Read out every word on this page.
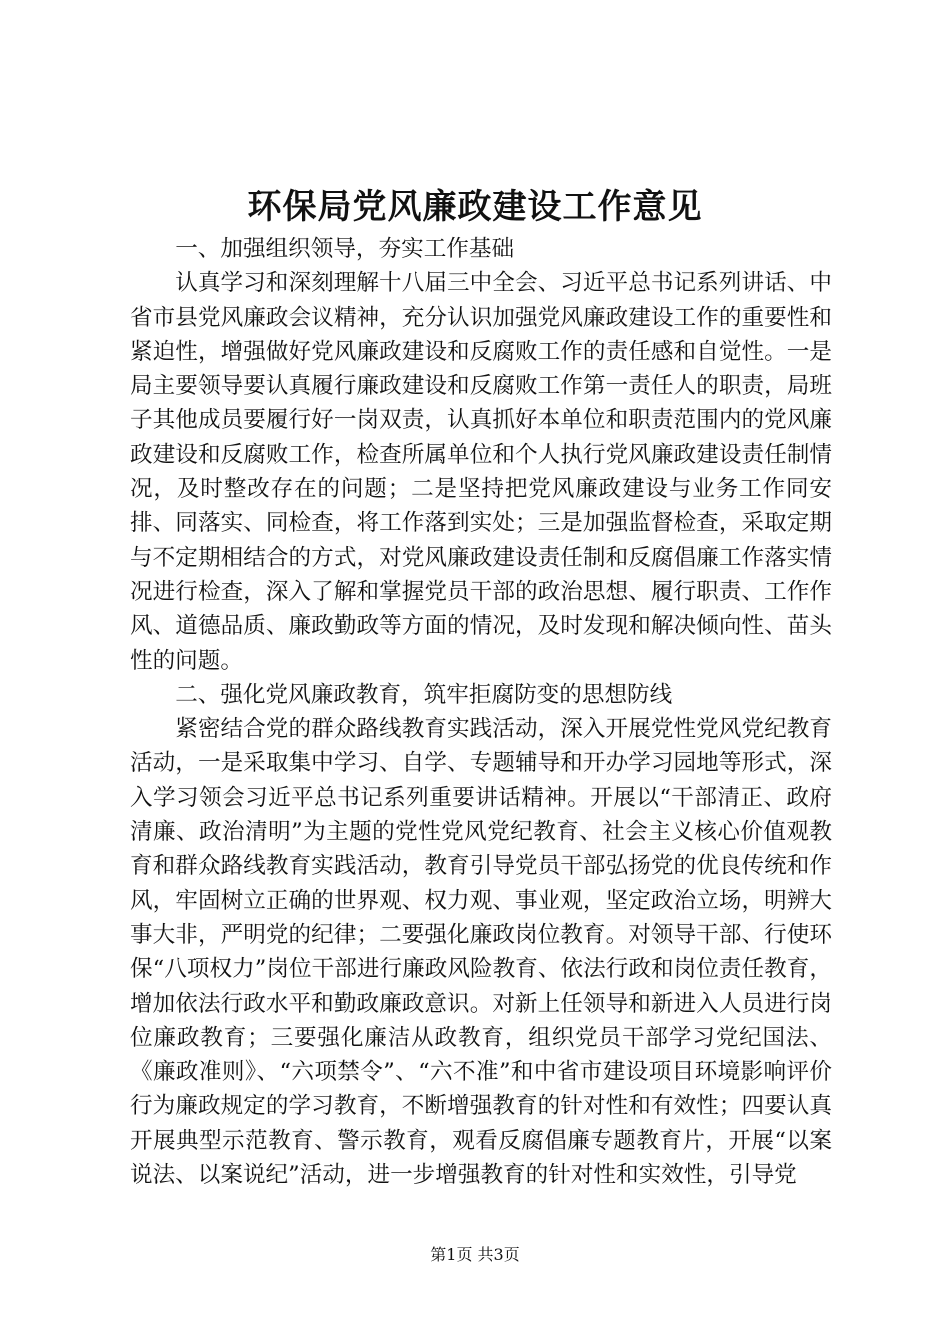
环保局党风廉政建设工作意见

一、加强组织领导，夯实工作基础

认真学习和深刻理解十八届三中全会、习近平总书记系列讲话、中省市县党风廉政会议精神，充分认识加强党风廉政建设工作的重要性和紧迫性，增强做好党风廉政建设和反腐败工作的责任感和自觉性。一是局主要领导要认真履行廉政建设和反腐败工作第一责任人的职责，局班子其他成员要履行好一岗双责，认真抓好本单位和职责范围内的党风廉政建设和反腐败工作，检查所属单位和个人执行党风廉政建设责任制情况，及时整改存在的问题；二是坚持把党风廉政建设与业务工作同安排、同落实、同检查，将工作落到实处；三是加强监督检查，采取定期与不定期相结合的方式，对党风廉政建设责任制和反腐倡廉工作落实情况进行检查，深入了解和掌握党员干部的政治思想、履行职责、工作作风、道德品质、廉政勤政等方面的情况，及时发现和解决倾向性、苗头性的问题。

二、强化党风廉政教育，筑牢拒腐防变的思想防线

紧密结合党的群众路线教育实践活动，深入开展党性党风党纪教育活动，一是采取集中学习、自学、专题辅导和开办学习园地等形式，深入学习领会习近平总书记系列重要讲话精神。开展以“干部清正、政府清廉、政治清明”为主题的党性党风党纪教育、社会主义核心价值观教育和群众路线教育实践活动，教育引导党员干部弘扬党的优良传统和作风，牢固树立正确的世界观、权力观、事业观，坚定政治立场，明辨大事大非，严明党的纪律；二要强化廉政岗位教育。对领导干部、行使环保“八项权力”岗位干部进行廉政风险教育、依法行政和岗位责任教育，增加依法行政水平和勤政廉政意识。对新上任领导和新进入人员进行岗位廉政教育；三要强化廉洁从政教育，组织党员干部学习党纪国法、《廉政准则》、“六项禁令”、“六不准”和中省市建设项目环境影响评价行为廉政规定的学习教育，不断增强教育的针对性和有效性；四要认真开展典型示范教育、警示教育，观看反腐倡廉专题教育片，开展“以案说法、以案说纪”活动，进一步增强教育的针对性和实效性，引导党

第1页 共3页
